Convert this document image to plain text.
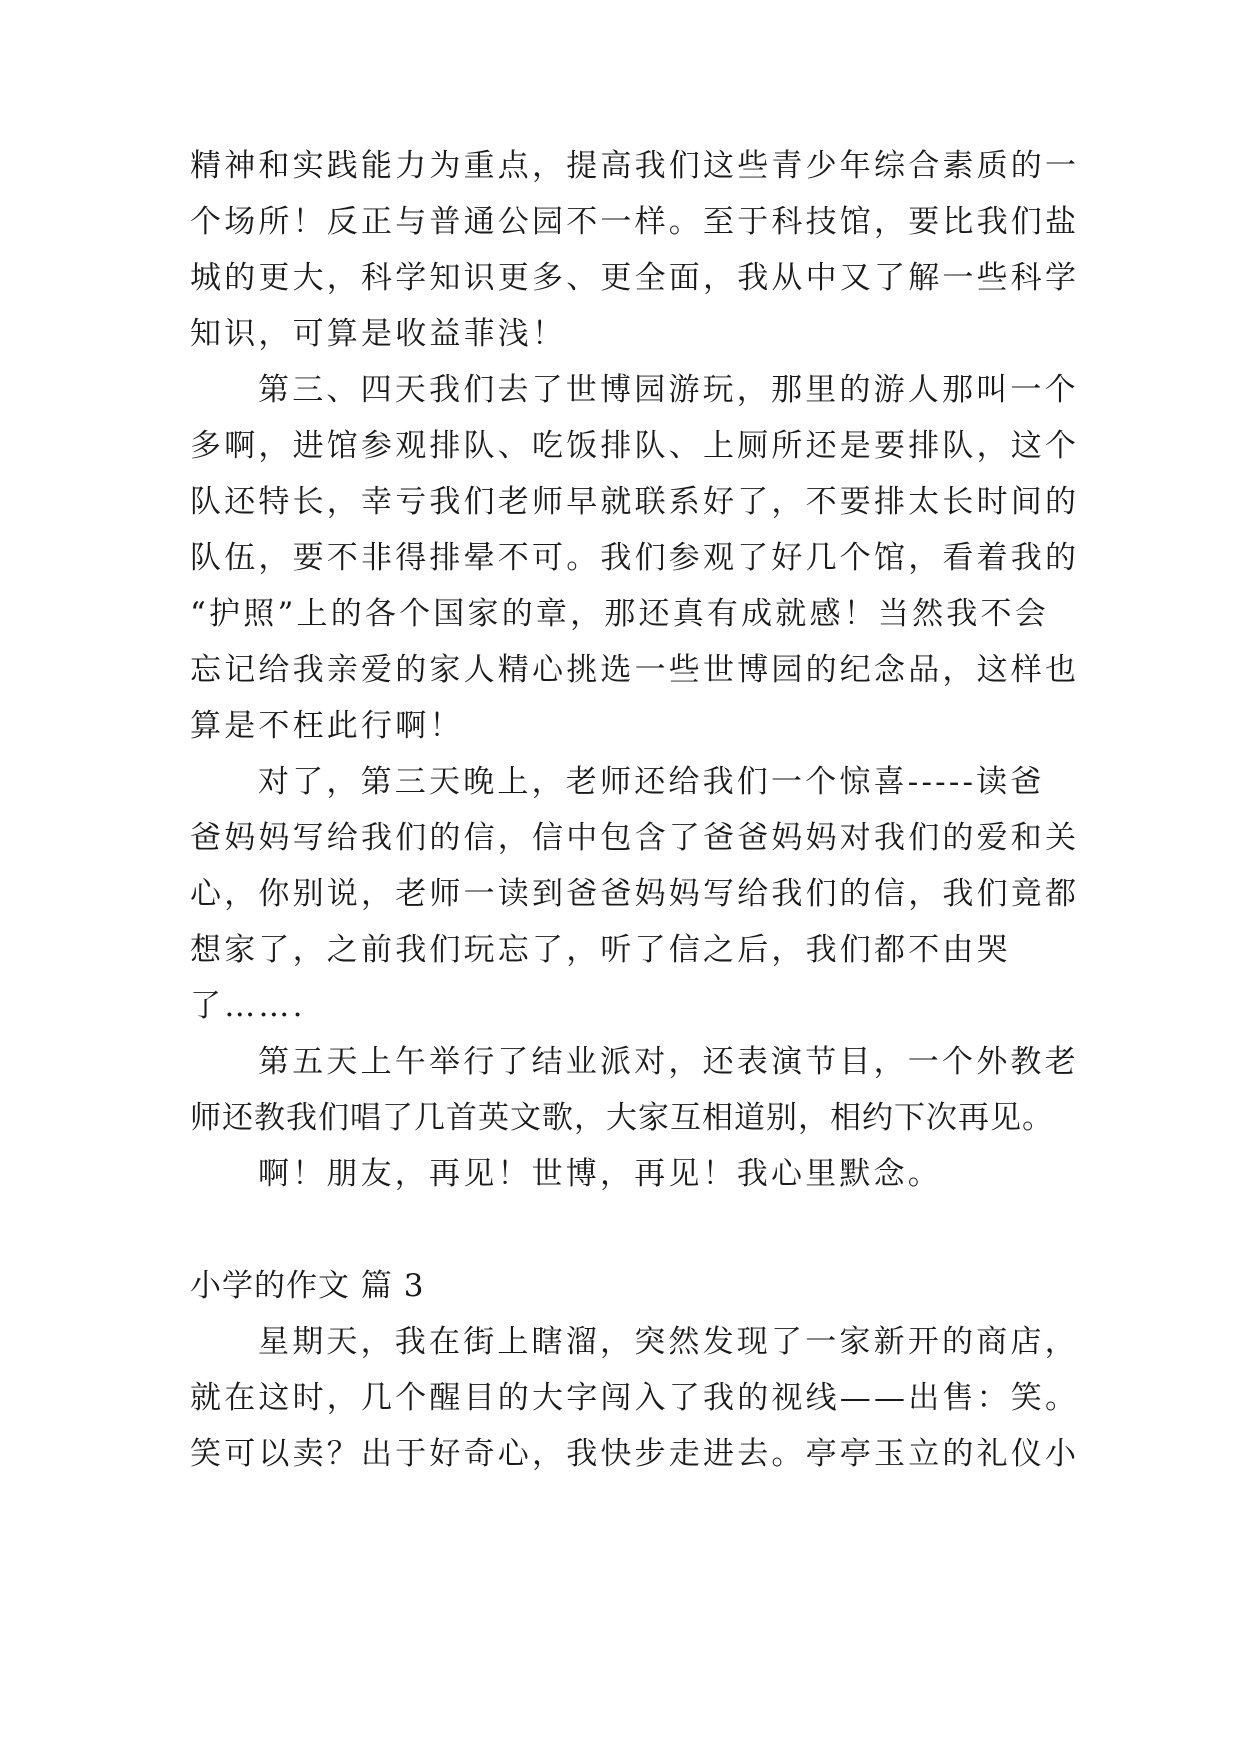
精神和实践能力为重点，提高我们这些青少年综合素质的一
个场所！反正与普通公园不一样。至于科技馆，要比我们盐
城的更大，科学知识更多、更全面，我从中又了解一些科学
知识，可算是收益菲浅！
第三、四天我们去了世博园游玩，那里的游人那叫一个
多啊，进馆参观排队、吃饭排队、上厕所还是要排队，这个
队还特长，幸亏我们老师早就联系好了，不要排太长时间的
队伍，要不非得排晕不可。我们参观了好几个馆，看着我的
“护照”上的各个国家的章，那还真有成就感！当然我不会
忘记给我亲爱的家人精心挑选一些世博园的纪念品，这样也
算是不枉此行啊！
对了，第三天晚上，老师还给我们一个惊喜-----读爸
爸妈妈写给我们的信，信中包含了爸爸妈妈对我们的爱和关
心，你别说，老师一读到爸爸妈妈写给我们的信，我们竟都
想家了，之前我们玩忘了，听了信之后，我们都不由哭
了…….
第五天上午举行了结业派对，还表演节目，一个外教老
师还教我们唱了几首英文歌，大家互相道别，相约下次再见。
啊！朋友，再见！世博，再见！我心里默念。
小学的作文 篇 3
星期天，我在街上瞎溜，突然发现了一家新开的商店，
就在这时，几个醒目的大字闯入了我的视线——出售：笑。
笑可以卖？出于好奇心，我快步走进去。亭亭玉立的礼仪小
